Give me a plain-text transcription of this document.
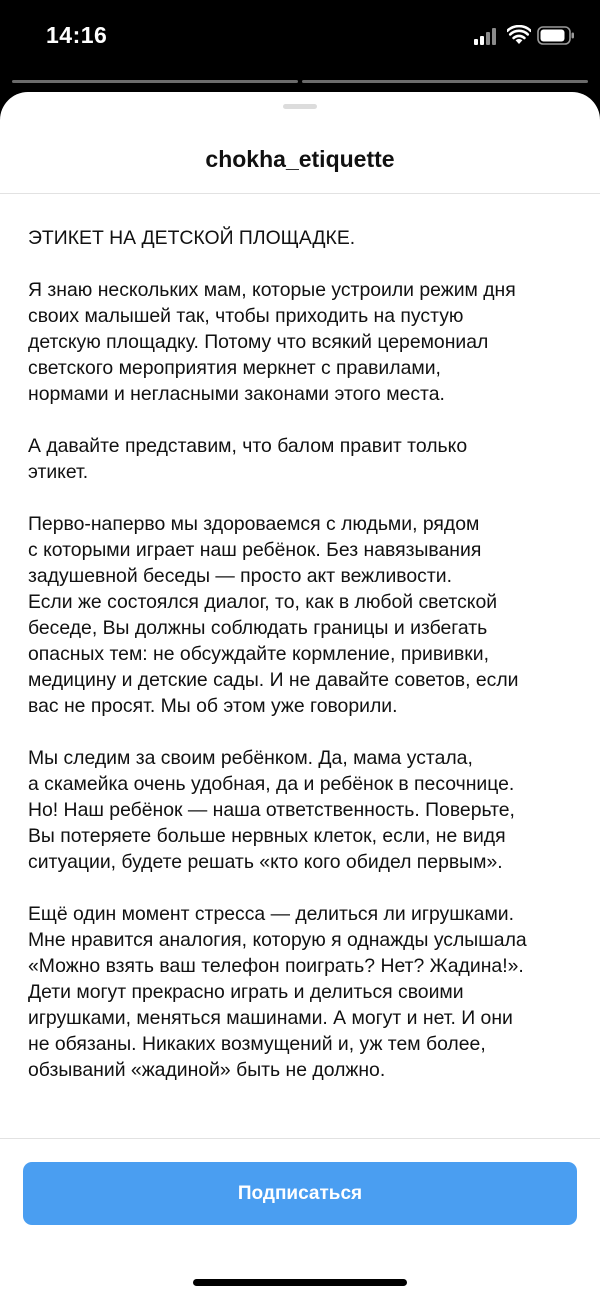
14:16
chokha_etiquette

ЭТИКЕТ НА ДЕТСКОЙ ПЛОЩАДКЕ.

Я знаю нескольких мам, которые устроили режим дня
своих малышей так, чтобы приходить на пустую
детскую площадку. Потому что всякий церемониал
светского мероприятия меркнет с правилами,
нормами и негласными законами этого места.

А давайте представим, что балом правит только
этикет.

Перво-наперво мы здороваемся с людьми, рядом
с которыми играет наш ребёнок. Без навязывания
задушевной беседы — просто акт вежливости.
Если же состоялся диалог, то, как в любой светской
беседе, Вы должны соблюдать границы и избегать
опасных тем: не обсуждайте кормление, прививки,
медицину и детские сады. И не давайте советов, если
вас не просят. Мы об этом уже говорили.

Мы следим за своим ребёнком. Да, мама устала,
а скамейка очень удобная, да и ребёнок в песочнице.
Но! Наш ребёнок — наша ответственность. Поверьте,
Вы потеряете больше нервных клеток, если, не видя
ситуации, будете решать «кто кого обидел первым».

Ещё один момент стресса — делиться ли игрушками.
Мне нравится аналогия, которую я однажды услышала
«Можно взять ваш телефон поиграть? Нет? Жадина!».
Дети могут прекрасно играть и делиться своими
игрушками, меняться машинами. А могут и нет. И они
не обязаны. Никаких возмущений и, уж тем более,
обзываний «жадиной» быть не должно.

Подписаться
